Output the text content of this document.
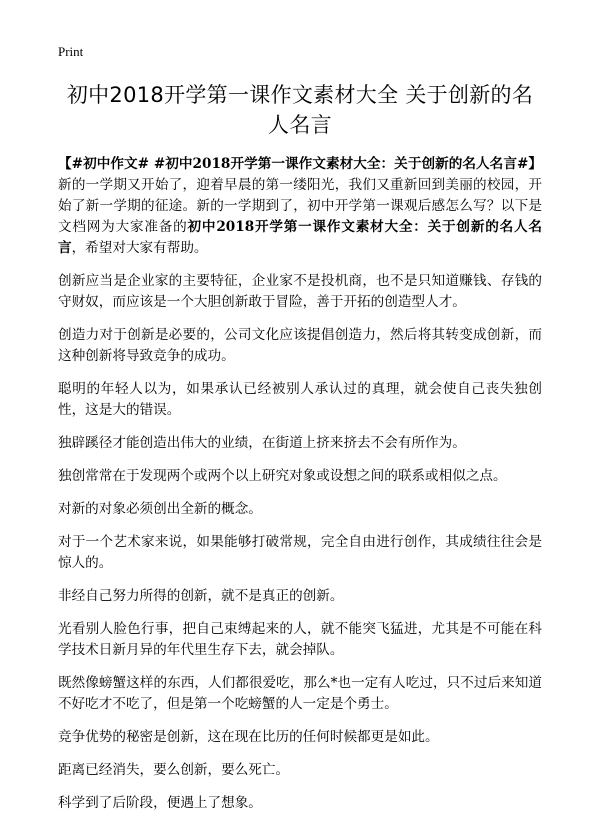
Print
初中2018开学第一课作文素材大全 关于创新的名人名言

【#初中作文# #初中2018开学第一课作文素材大全：关于创新的名人名言#】新的一学期又开始了，迎着早晨的第一缕阳光，我们又重新回到美丽的校园，开始了新一学期的征途。新的一学期到了，初中开学第一课观后感怎么写？以下是文档网为大家准备的初中2018开学第一课作文素材大全：关于创新的名人名言，希望对大家有帮助。

创新应当是企业家的主要特征，企业家不是投机商，也不是只知道赚钱、存钱的守财奴，而应该是一个大胆创新敢于冒险，善于开拓的创造型人才。

创造力对于创新是必要的，公司文化应该提倡创造力，然后将其转变成创新，而这种创新将导致竞争的成功。

聪明的年轻人以为，如果承认已经被别人承认过的真理，就会使自己丧失独创性，这是大的错误。

独辟蹊径才能创造出伟大的业绩，在街道上挤来挤去不会有所作为。

独创常常在于发现两个或两个以上研究对象或设想之间的联系或相似之点。

对新的对象必须创出全新的概念。

对于一个艺术家来说，如果能够打破常规，完全自由进行创作，其成绩往往会是惊人的。

非经自己努力所得的创新，就不是真正的创新。

光看别人脸色行事，把自己束缚起来的人，就不能突飞猛进，尤其是不可能在科学技术日新月异的年代里生存下去，就会掉队。

既然像螃蟹这样的东西，人们都很爱吃，那么*也一定有人吃过，只不过后来知道不好吃才不吃了，但是第一个吃螃蟹的人一定是个勇士。

竞争优势的秘密是创新，这在现在比历的任何时候都更是如此。

距离已经消失，要么创新，要么死亡。

科学到了后阶段，便遇上了想象。
